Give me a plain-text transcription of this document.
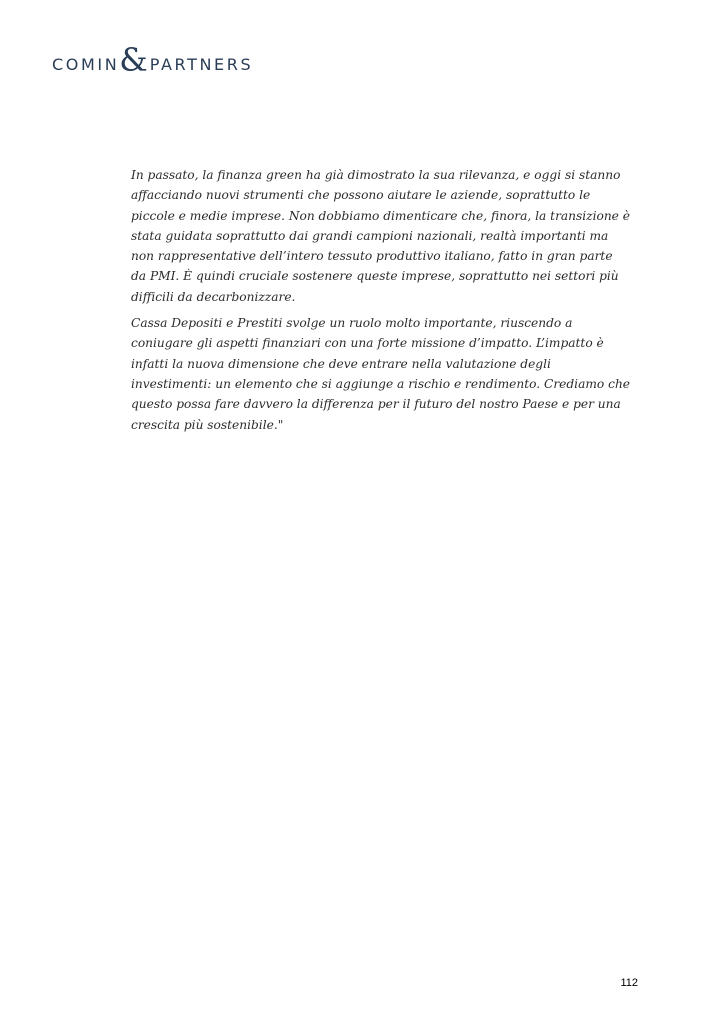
COMIN & PARTNERS

In passato, la finanza green ha già dimostrato la sua rilevanza, e oggi si stanno affacciando nuovi strumenti che possono aiutare le aziende, soprattutto le piccole e medie imprese. Non dobbiamo dimenticare che, finora, la transizione è stata guidata soprattutto dai grandi campioni nazionali, realtà importanti ma non rappresentative dell’intero tessuto produttivo italiano, fatto in gran parte da PMI. È quindi cruciale sostenere queste imprese, soprattutto nei settori più difficili da decarbonizzare.

Cassa Depositi e Prestiti svolge un ruolo molto importante, riuscendo a coniugare gli aspetti finanziari con una forte missione d’impatto. L’impatto è infatti la nuova dimensione che deve entrare nella valutazione degli investimenti: un elemento che si aggiunge a rischio e rendimento. Crediamo che questo possa fare davvero la differenza per il futuro del nostro Paese e per una crescita più sostenibile."

112
